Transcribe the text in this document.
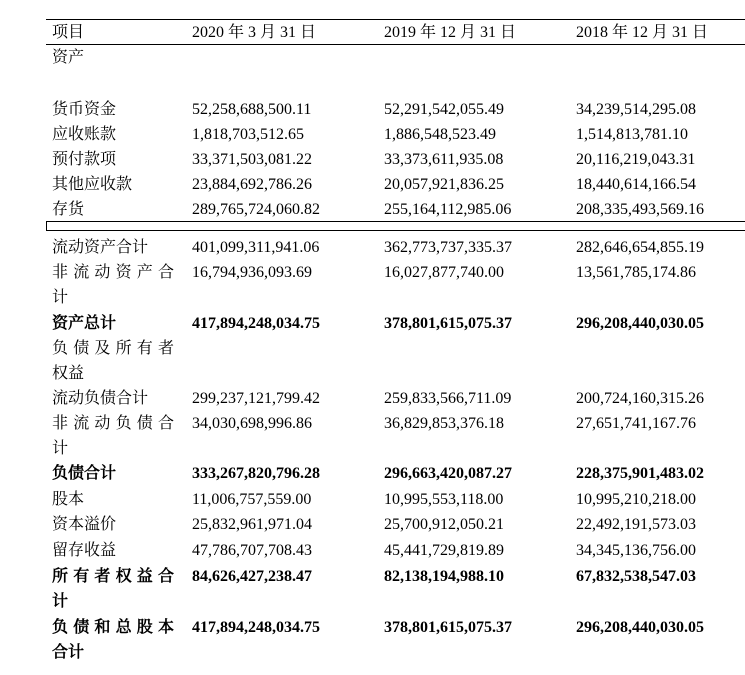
项目	2020 年 3 月 31 日	2019 年 12 月 31 日	2018 年 12 月 31 日
资产
货币资金	52,258,688,500.11	52,291,542,055.49	34,239,514,295.08
应收账款	1,818,703,512.65	1,886,548,523.49	1,514,813,781.10
预付款项	33,371,503,081.22	33,373,611,935.08	20,116,219,043.31
其他应收款	23,884,692,786.26	20,057,921,836.25	18,440,614,166.54
存货	289,765,724,060.82	255,164,112,985.06	208,335,493,569.16
流动资产合计	401,099,311,941.06	362,773,737,335.37	282,646,654,855.19
非流动资产合 16,794,936,093.69	16,027,877,740.00	13,561,785,174.86
计
资产总计	417,894,248,034.75	378,801,615,075.37	296,208,440,030.05
负债及所有者
权益
流动负债合计	299,237,121,799.42	259,833,566,711.09	200,724,160,315.26
非流动负债合 34,030,698,996.86	36,829,853,376.18	27,651,741,167.76
计
负债合计	333,267,820,796.28	296,663,420,087.27	228,375,901,483.02
股本	11,006,757,559.00	10,995,553,118.00	10,995,210,218.00
资本溢价	25,832,961,971.04	25,700,912,050.21	22,492,191,573.03
留存收益	47,786,707,708.43	45,441,729,819.89	34,345,136,756.00
所有者权益合 84,626,427,238.47	82,138,194,988.10	67,832,538,547.03
计
负债和总股本 417,894,248,034.75	378,801,615,075.37	296,208,440,030.05
合计
